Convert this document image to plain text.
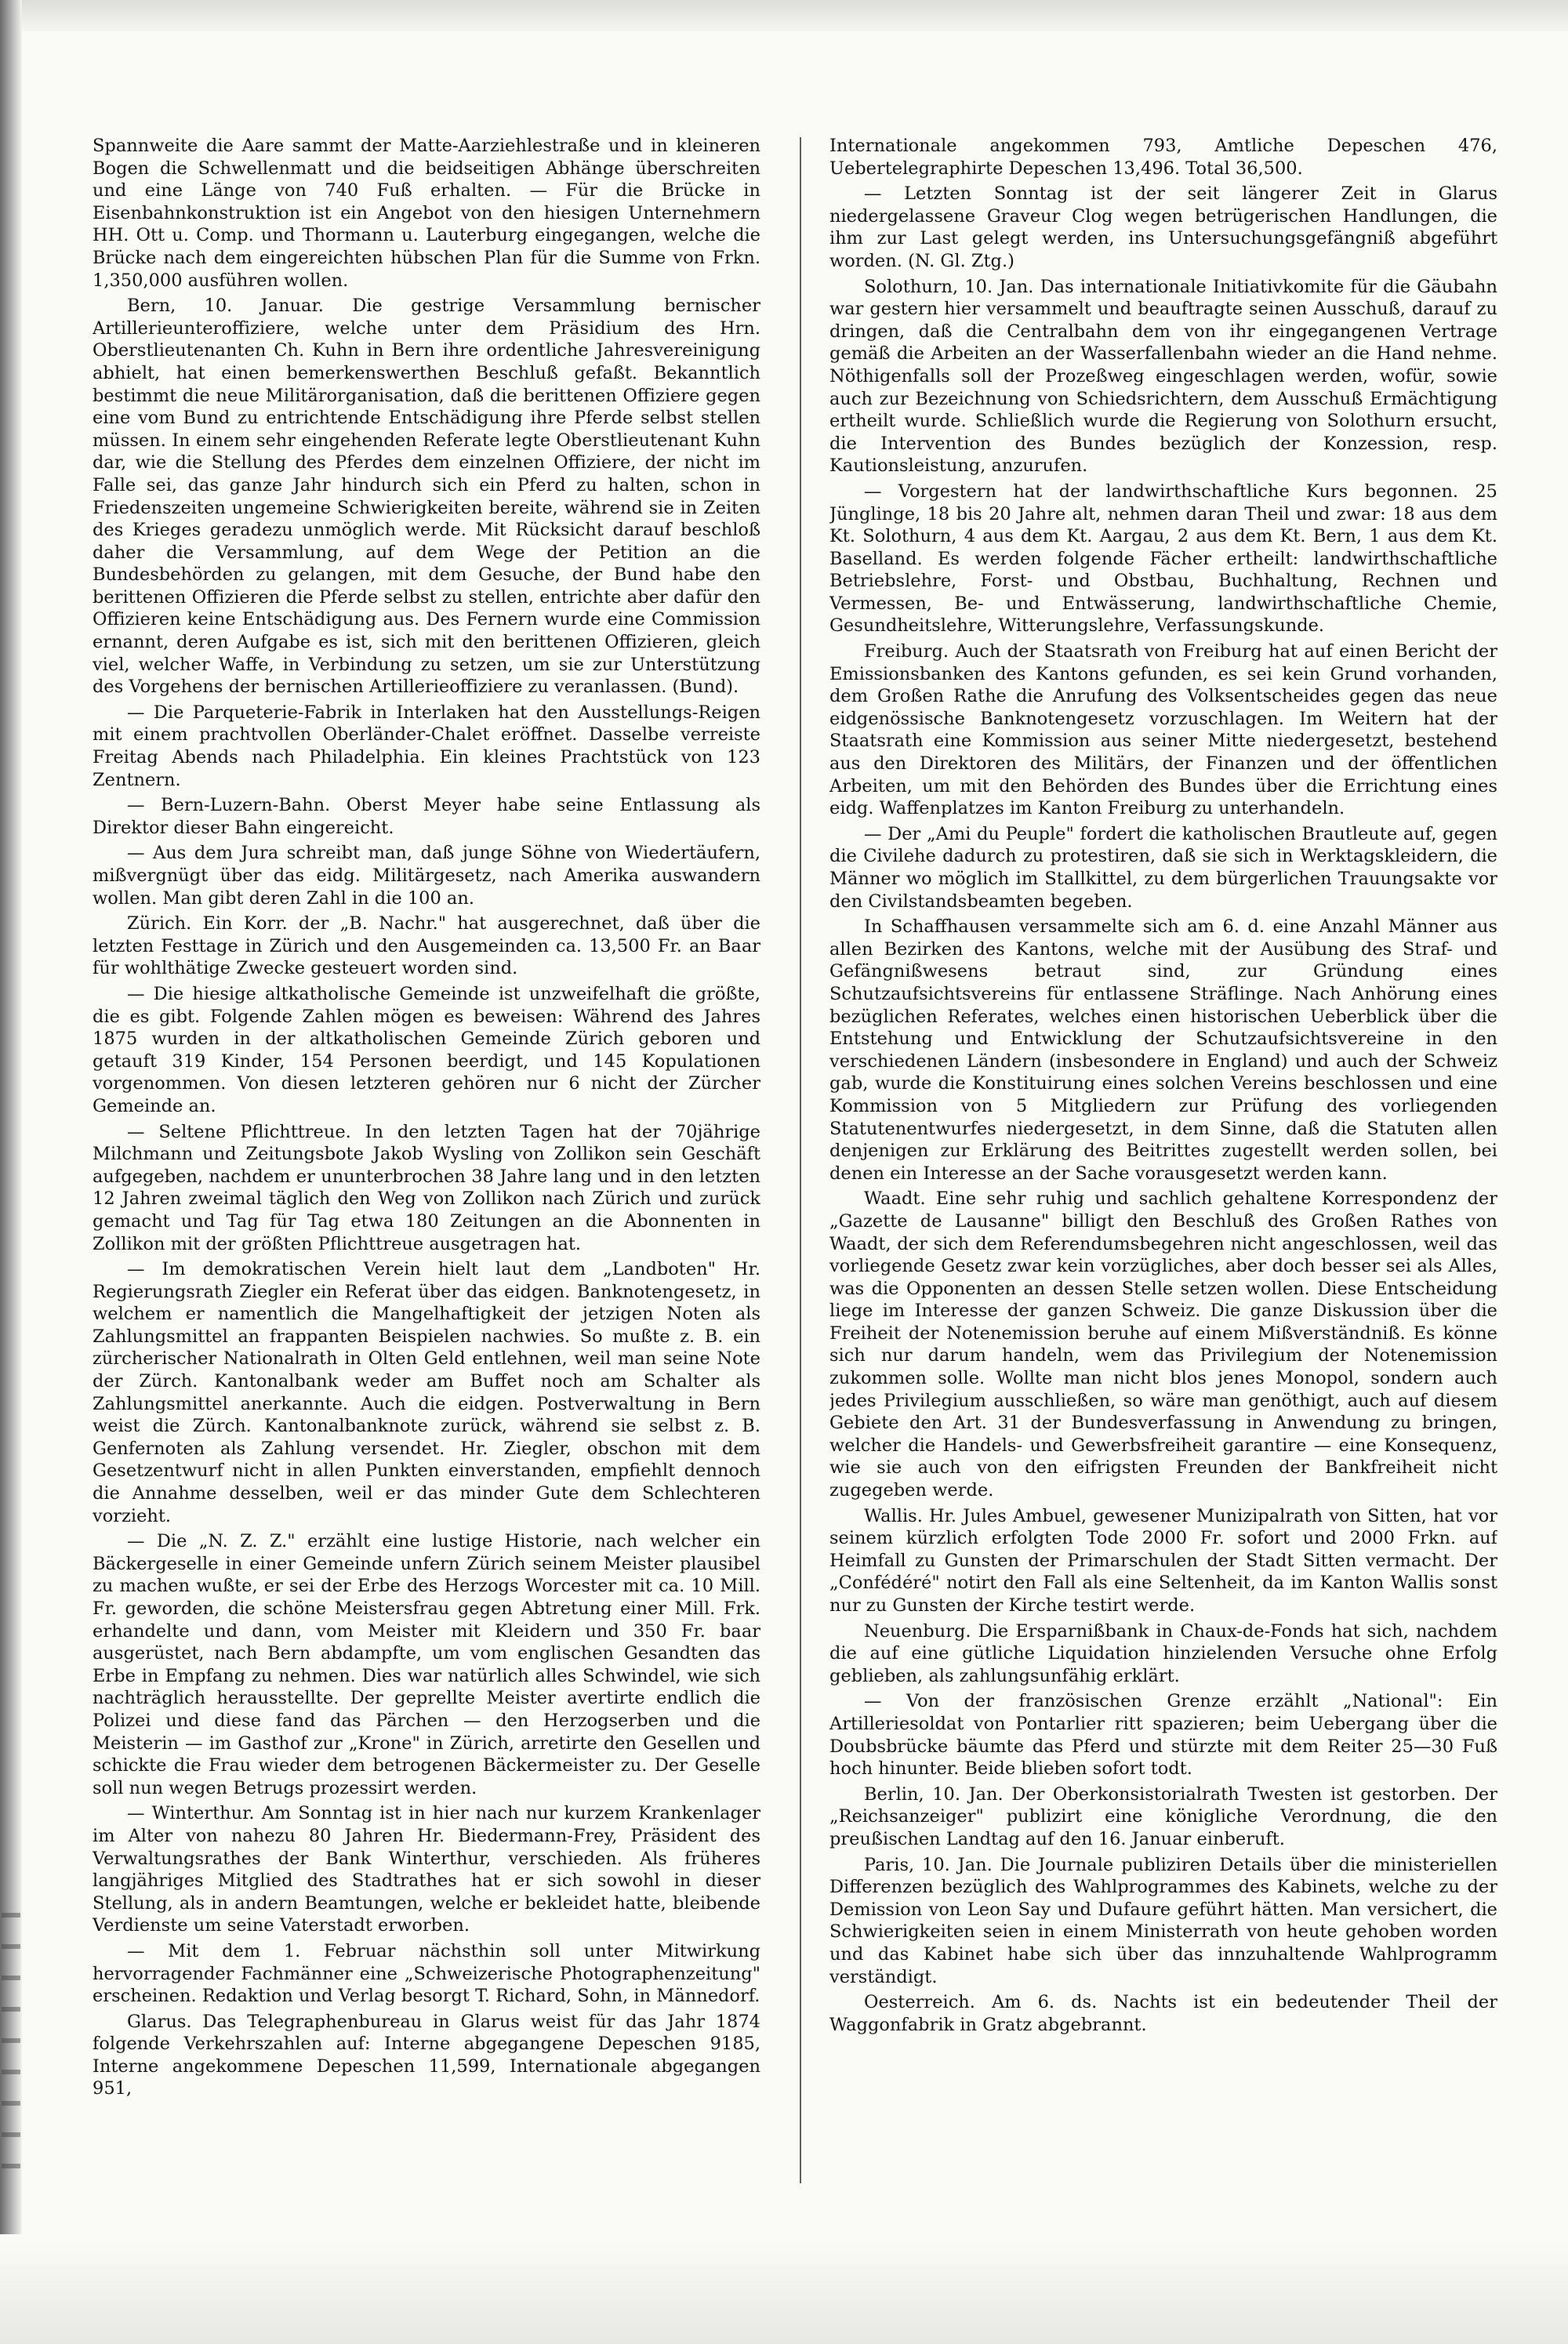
Spannweite die Aare sammt der Matte-Aarziehlestraße und in kleineren Bogen die Schwellenmatt und die beidseitigen Abhänge überschreiten und eine Länge von 740 Fuß erhalten. — Für die Brücke in Eisenbahnkonstruktion ist ein Angebot von den hiesigen Unternehmern HH. Ott u. Comp. und Thormann u. Lauterburg eingegangen, welche die Brücke nach dem eingereichten hübschen Plan für die Summe von Frkn. 1,350,000 ausführen wollen.

Bern, 10. Januar. Die gestrige Versammlung bernischer Artillerieunteroffiziere, welche unter dem Präsidium des Hrn. Oberstlieutenanten Ch. Kuhn in Bern ihre ordentliche Jahresvereinigung abhielt, hat einen bemerkenswerthen Beschluß gefaßt. Bekanntlich bestimmt die neue Militärorganisation, daß die berittenen Offiziere gegen eine vom Bund zu entrichtende Entschädigung ihre Pferde selbst stellen müssen. In einem sehr eingehenden Referate legte Oberstlieutenant Kuhn dar, wie die Stellung des Pferdes dem einzelnen Offiziere, der nicht im Falle sei, das ganze Jahr hindurch sich ein Pferd zu halten, schon in Friedenszeiten ungemeine Schwierigkeiten bereite, während sie in Zeiten des Krieges geradezu unmöglich werde. Mit Rücksicht darauf beschloß daher die Versammlung, auf dem Wege der Petition an die Bundesbehörden zu gelangen, mit dem Gesuche, der Bund habe den berittenen Offizieren die Pferde selbst zu stellen, entrichte aber dafür den Offizieren keine Entschädigung aus. Des Fernern wurde eine Commission ernannt, deren Aufgabe es ist, sich mit den berittenen Offizieren, gleich viel, welcher Waffe, in Verbindung zu setzen, um sie zur Unterstützung des Vorgehens der bernischen Artillerieoffiziere zu veranlassen. (Bund).

— Die Parqueterie-Fabrik in Interlaken hat den Ausstellungs-Reigen mit einem prachtvollen Oberländer-Chalet eröffnet. Dasselbe verreiste Freitag Abends nach Philadelphia. Ein kleines Prachtstück von 123 Zentnern.

— Bern-Luzern-Bahn. Oberst Meyer habe seine Entlassung als Direktor dieser Bahn eingereicht.

— Aus dem Jura schreibt man, daß junge Söhne von Wiedertäufern, mißvergnügt über das eidg. Militärgesetz, nach Amerika auswandern wollen. Man gibt deren Zahl in die 100 an.

Zürich. Ein Korr. der „B. Nachr." hat ausgerechnet, daß über die letzten Festtage in Zürich und den Ausgemeinden ca. 13,500 Fr. an Baar für wohlthätige Zwecke gesteuert worden sind.

— Die hiesige altkatholische Gemeinde ist unzweifelhaft die größte, die es gibt. Folgende Zahlen mögen es beweisen: Während des Jahres 1875 wurden in der altkatholischen Gemeinde Zürich geboren und getauft 319 Kinder, 154 Personen beerdigt, und 145 Kopulationen vorgenommen. Von diesen letzteren gehören nur 6 nicht der Zürcher Gemeinde an.

— Seltene Pflichttreue. In den letzten Tagen hat der 70jährige Milchmann und Zeitungsbote Jakob Wysling von Zollikon sein Geschäft aufgegeben, nachdem er ununterbrochen 38 Jahre lang und in den letzten 12 Jahren zweimal täglich den Weg von Zollikon nach Zürich und zurück gemacht und Tag für Tag etwa 180 Zeitungen an die Abonnenten in Zollikon mit der größten Pflichttreue ausgetragen hat.

— Im demokratischen Verein hielt laut dem „Landboten" Hr. Regierungsrath Ziegler ein Referat über das eidgen. Banknotengesetz, in welchem er namentlich die Mangelhaftigkeit der jetzigen Noten als Zahlungsmittel an frappanten Beispielen nachwies. So mußte z. B. ein zürcherischer Nationalrath in Olten Geld entlehnen, weil man seine Note der Zürch. Kantonalbank weder am Buffet noch am Schalter als Zahlungsmittel anerkannte. Auch die eidgen. Postverwaltung in Bern weist die Zürch. Kantonalbanknote zurück, während sie selbst z. B. Genfernoten als Zahlung versendet. Hr. Ziegler, obschon mit dem Gesetzentwurf nicht in allen Punkten einverstanden, empfiehlt dennoch die Annahme desselben, weil er das minder Gute dem Schlechteren vorzieht.

— Die „N. Z. Z." erzählt eine lustige Historie, nach welcher ein Bäckergeselle in einer Gemeinde unfern Zürich seinem Meister plausibel zu machen wußte, er sei der Erbe des Herzogs Worcester mit ca. 10 Mill. Fr. geworden, die schöne Meistersfrau gegen Abtretung einer Mill. Frk. erhandelte und dann, vom Meister mit Kleidern und 350 Fr. baar ausgerüstet, nach Bern abdampfte, um vom englischen Gesandten das Erbe in Empfang zu nehmen. Dies war natürlich alles Schwindel, wie sich nachträglich herausstellte. Der geprellte Meister avertirte endlich die Polizei und diese fand das Pärchen — den Herzogserben und die Meisterin — im Gasthof zur „Krone" in Zürich, arretirte den Gesellen und schickte die Frau wieder dem betrogenen Bäckermeister zu. Der Geselle soll nun wegen Betrugs prozessirt werden.

— Winterthur. Am Sonntag ist in hier nach nur kurzem Krankenlager im Alter von nahezu 80 Jahren Hr. Biedermann-Frey, Präsident des Verwaltungsrathes der Bank Winterthur, verschieden. Als früheres langjähriges Mitglied des Stadtrathes hat er sich sowohl in dieser Stellung, als in andern Beamtungen, welche er bekleidet hatte, bleibende Verdienste um seine Vaterstadt erworben.

— Mit dem 1. Februar nächsthin soll unter Mitwirkung hervorragender Fachmänner eine „Schweizerische Photographenzeitung" erscheinen. Redaktion und Verlag besorgt T. Richard, Sohn, in Männedorf.

Glarus. Das Telegraphenbureau in Glarus weist für das Jahr 1874 folgende Verkehrszahlen auf: Interne abgegangene Depeschen 9185, Interne angekommene Depeschen 11,599, Internationale abgegangen 951,

Internationale angekommen 793, Amtliche Depeschen 476, Uebertelegraphirte Depeschen 13,496. Total 36,500.

— Letzten Sonntag ist der seit längerer Zeit in Glarus niedergelassene Graveur Clog wegen betrügerischen Handlungen, die ihm zur Last gelegt werden, ins Untersuchungsgefängniß abgeführt worden. (N. Gl. Ztg.)

Solothurn, 10. Jan. Das internationale Initiativkomite für die Gäubahn war gestern hier versammelt und beauftragte seinen Ausschuß, darauf zu dringen, daß die Centralbahn dem von ihr eingegangenen Vertrage gemäß die Arbeiten an der Wasserfallenbahn wieder an die Hand nehme. Nöthigenfalls soll der Prozeßweg eingeschlagen werden, wofür, sowie auch zur Bezeichnung von Schiedsrichtern, dem Ausschuß Ermächtigung ertheilt wurde. Schließlich wurde die Regierung von Solothurn ersucht, die Intervention des Bundes bezüglich der Konzession, resp. Kautionsleistung, anzurufen.

— Vorgestern hat der landwirthschaftliche Kurs begonnen. 25 Jünglinge, 18 bis 20 Jahre alt, nehmen daran Theil und zwar: 18 aus dem Kt. Solothurn, 4 aus dem Kt. Aargau, 2 aus dem Kt. Bern, 1 aus dem Kt. Baselland. Es werden folgende Fächer ertheilt: landwirthschaftliche Betriebslehre, Forst- und Obstbau, Buchhaltung, Rechnen und Vermessen, Be- und Entwässerung, landwirthschaftliche Chemie, Gesundheitslehre, Witterungslehre, Verfassungskunde.

Freiburg. Auch der Staatsrath von Freiburg hat auf einen Bericht der Emissionsbanken des Kantons gefunden, es sei kein Grund vorhanden, dem Großen Rathe die Anrufung des Volksentscheides gegen das neue eidgenössische Banknotengesetz vorzuschlagen. Im Weitern hat der Staatsrath eine Kommission aus seiner Mitte niedergesetzt, bestehend aus den Direktoren des Militärs, der Finanzen und der öffentlichen Arbeiten, um mit den Behörden des Bundes über die Errichtung eines eidg. Waffenplatzes im Kanton Freiburg zu unterhandeln.

— Der „Ami du Peuple" fordert die katholischen Brautleute auf, gegen die Civilehe dadurch zu protestiren, daß sie sich in Werktagskleidern, die Männer wo möglich im Stallkittel, zu dem bürgerlichen Trauungsakte vor den Civilstandsbeamten begeben.

In Schaffhausen versammelte sich am 6. d. eine Anzahl Männer aus allen Bezirken des Kantons, welche mit der Ausübung des Straf- und Gefängnißwesens betraut sind, zur Gründung eines Schutzaufsichtsvereins für entlassene Sträflinge. Nach Anhörung eines bezüglichen Referates, welches einen historischen Ueberblick über die Entstehung und Entwicklung der Schutzaufsichtsvereine in den verschiedenen Ländern (insbesondere in England) und auch der Schweiz gab, wurde die Konstituirung eines solchen Vereins beschlossen und eine Kommission von 5 Mitgliedern zur Prüfung des vorliegenden Statutenentwurfes niedergesetzt, in dem Sinne, daß die Statuten allen denjenigen zur Erklärung des Beitrittes zugestellt werden sollen, bei denen ein Interesse an der Sache vorausgesetzt werden kann.

Waadt. Eine sehr ruhig und sachlich gehaltene Korrespondenz der „Gazette de Lausanne" billigt den Beschluß des Großen Rathes von Waadt, der sich dem Referendumsbegehren nicht angeschlossen, weil das vorliegende Gesetz zwar kein vorzügliches, aber doch besser sei als Alles, was die Opponenten an dessen Stelle setzen wollen. Diese Entscheidung liege im Interesse der ganzen Schweiz. Die ganze Diskussion über die Freiheit der Notenemission beruhe auf einem Mißverständniß. Es könne sich nur darum handeln, wem das Privilegium der Notenemission zukommen solle. Wollte man nicht blos jenes Monopol, sondern auch jedes Privilegium ausschließen, so wäre man genöthigt, auch auf diesem Gebiete den Art. 31 der Bundesverfassung in Anwendung zu bringen, welcher die Handels- und Gewerbsfreiheit garantire — eine Konsequenz, wie sie auch von den eifrigsten Freunden der Bankfreiheit nicht zugegeben werde.

Wallis. Hr. Jules Ambuel, gewesener Munizipalrath von Sitten, hat vor seinem kürzlich erfolgten Tode 2000 Fr. sofort und 2000 Frkn. auf Heimfall zu Gunsten der Primarschulen der Stadt Sitten vermacht. Der „Confédéré" notirt den Fall als eine Seltenheit, da im Kanton Wallis sonst nur zu Gunsten der Kirche testirt werde.

Neuenburg. Die Ersparnißbank in Chaux-de-Fonds hat sich, nachdem die auf eine gütliche Liquidation hinzielenden Versuche ohne Erfolg geblieben, als zahlungsunfähig erklärt.

— Von der französischen Grenze erzählt „National": Ein Artilleriesoldat von Pontarlier ritt spazieren; beim Uebergang über die Doubsbrücke bäumte das Pferd und stürzte mit dem Reiter 25—30 Fuß hoch hinunter. Beide blieben sofort todt.

Berlin, 10. Jan. Der Oberkonsistorialrath Twesten ist gestorben. Der „Reichsanzeiger" publizirt eine königliche Verordnung, die den preußischen Landtag auf den 16. Januar einberuft.

Paris, 10. Jan. Die Journale publiziren Details über die ministeriellen Differenzen bezüglich des Wahlprogrammes des Kabinets, welche zu der Demission von Leon Say und Dufaure geführt hätten. Man versichert, die Schwierigkeiten seien in einem Ministerrath von heute gehoben worden und das Kabinet habe sich über das innzuhaltende Wahlprogramm verständigt.

Oesterreich. Am 6. ds. Nachts ist ein bedeutender Theil der Waggonfabrik in Gratz abgebrannt.
